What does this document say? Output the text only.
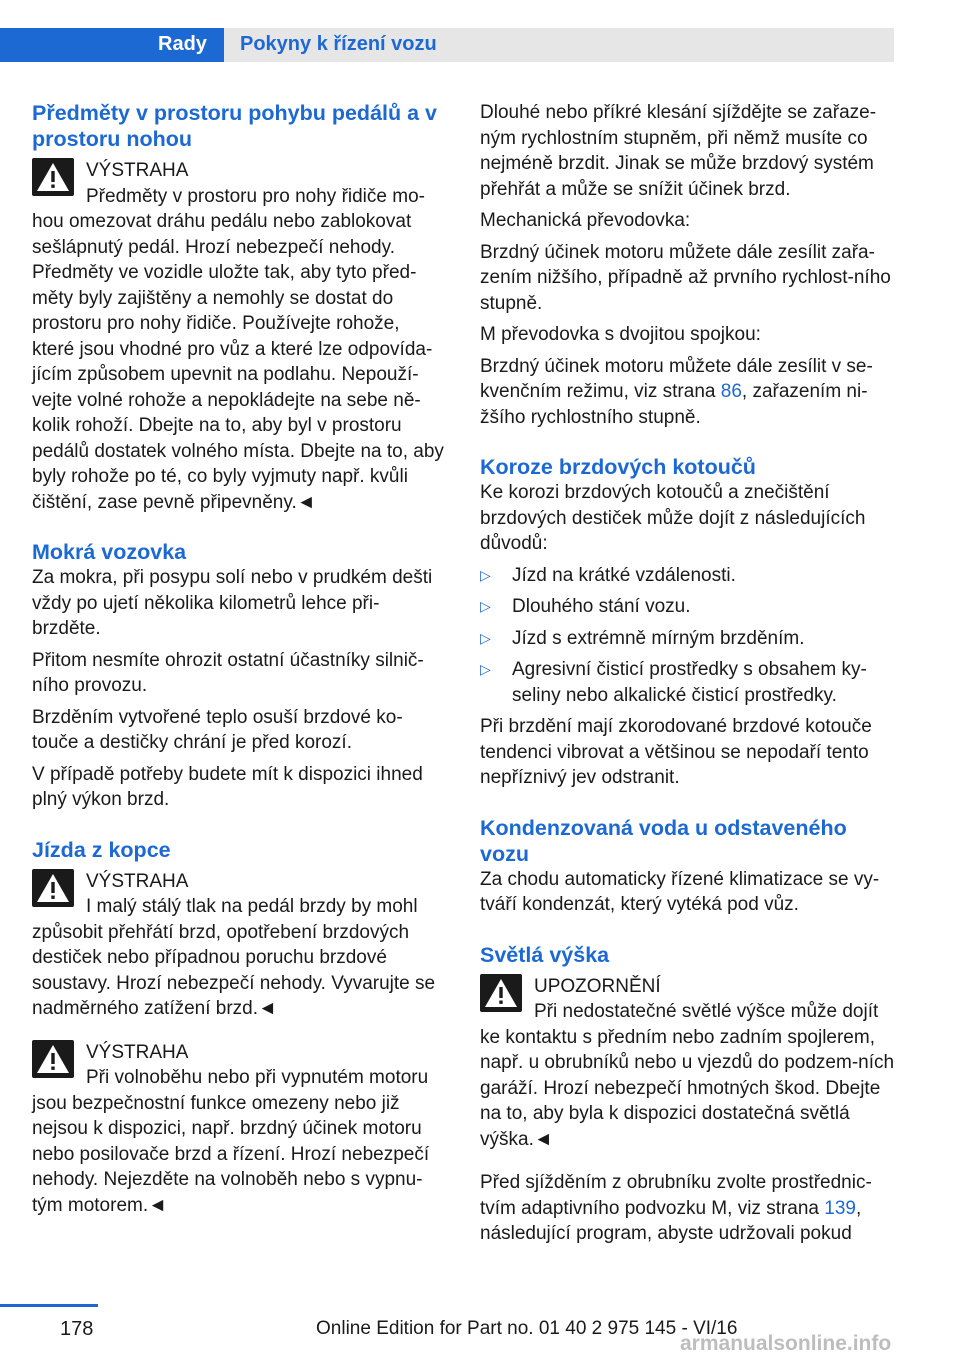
Rady Pokyny k řízení vozu
Předměty v prostoru pohybu pedálů a v prostoru nohou
VÝSTRAHA
Předměty v prostoru pro nohy řidiče mo-

hou omezovat dráhu pedálu nebo zablokovat sešlápnutý pedál. Hrozí nebezpečí nehody. Předměty ve vozidle uložte tak, aby tyto před-měty byly zajištěny a nemohly se dostat do prostoru pro nohy řidiče. Používejte rohože, které jsou vhodné pro vůz a které lze odpovída-jícím způsobem upevnit na podlahu. Nepouží-vejte volné rohože a nepokládejte na sebe ně-kolik rohoží. Dbejte na to, aby byl v prostoru pedálů dostatek volného místa. Dbejte na to, aby byly rohože po té, co byly vyjmuty např. kvůli čištění, zase pevně připevněny.◄

Mokrá vozovka

Za mokra, při posypu solí nebo v prudkém dešti vždy po ujetí několika kilometrů lehce při-brzděte.

Přitom nesmíte ohrozit ostatní účastníky silnič-ního provozu.

Brzděním vytvořené teplo osuší brzdové ko-touče a destičky chrání je před korozí.

V případě potřeby budete mít k dispozici ihned plný výkon brzd.

Jízda z kopce
VÝSTRAHA
I malý stálý tlak na pedál brzdy by mohl

způsobit přehřátí brzd, opotřebení brzdových destiček nebo případnou poruchu brzdové soustavy. Hrozí nebezpečí nehody. Vyvarujte se nadměrného zatížení brzd.◄

VÝSTRAHA
Při volnoběhu nebo při vypnutém motoru

jsou bezpečnostní funkce omezeny nebo již nejsou k dispozici, např. brzdný účinek motoru nebo posilovače brzd a řízení. Hrozí nebezpečí nehody. Nejezděte na volnoběh nebo s vypnu-tým motorem.◄

Dlouhé nebo příkré klesání sjíždějte se zařaze-ným rychlostním stupněm, při němž musíte co nejméně brzdit. Jinak se může brzdový systém přehřát a může se snížit účinek brzd.

Mechanická převodovka:

Brzdný účinek motoru můžete dále zesílit zařa-zením nižšího, případně až prvního rychlost-ního stupně.

M převodovka s dvojitou spojkou:

Brzdný účinek motoru můžete dále zesílit v se-kvenčním režimu, viz strana 86, zařazením ni-žšího rychlostního stupně.

Koroze brzdových kotoučů

Ke korozi brzdových kotoučů a znečištění brzdových destiček může dojít z následujících důvodů:

▷	Jízd na krátké vzdálenosti.
▷	Dlouhého stání vozu.
▷	Jízd s extrémně mírným brzděním.
▷	Agresivní čisticí prostředky s obsahem ky-seliny nebo alkalické čisticí prostředky.

Při brzdění mají zkorodované brzdové kotouče tendenci vibrovat a většinou se nepodaří tento nepříznivý jev odstranit.

Kondenzovaná voda u odstaveného vozu

Za chodu automaticky řízené klimatizace se vy-tváří kondenzát, který vytéká pod vůz.

Světlá výška
UPOZORNĚNÍ
Při nedostatečné světlé výšce může dojít

ke kontaktu s předním nebo zadním spojlerem, např. u obrubníků nebo u vjezdů do podzem-ních garáží. Hrozí nebezpečí hmotných škod. Dbejte na to, aby byla k dispozici dostatečná světlá výška.◄

Před sjížděním z obrubníku zvolte prostřednic-tvím adaptivního podvozku M, viz strana 139, následující program, abyste udržovali pokud

178	Online Edition for Part no. 01 40 2 975 145 - VI/16
armanualsonline.info
